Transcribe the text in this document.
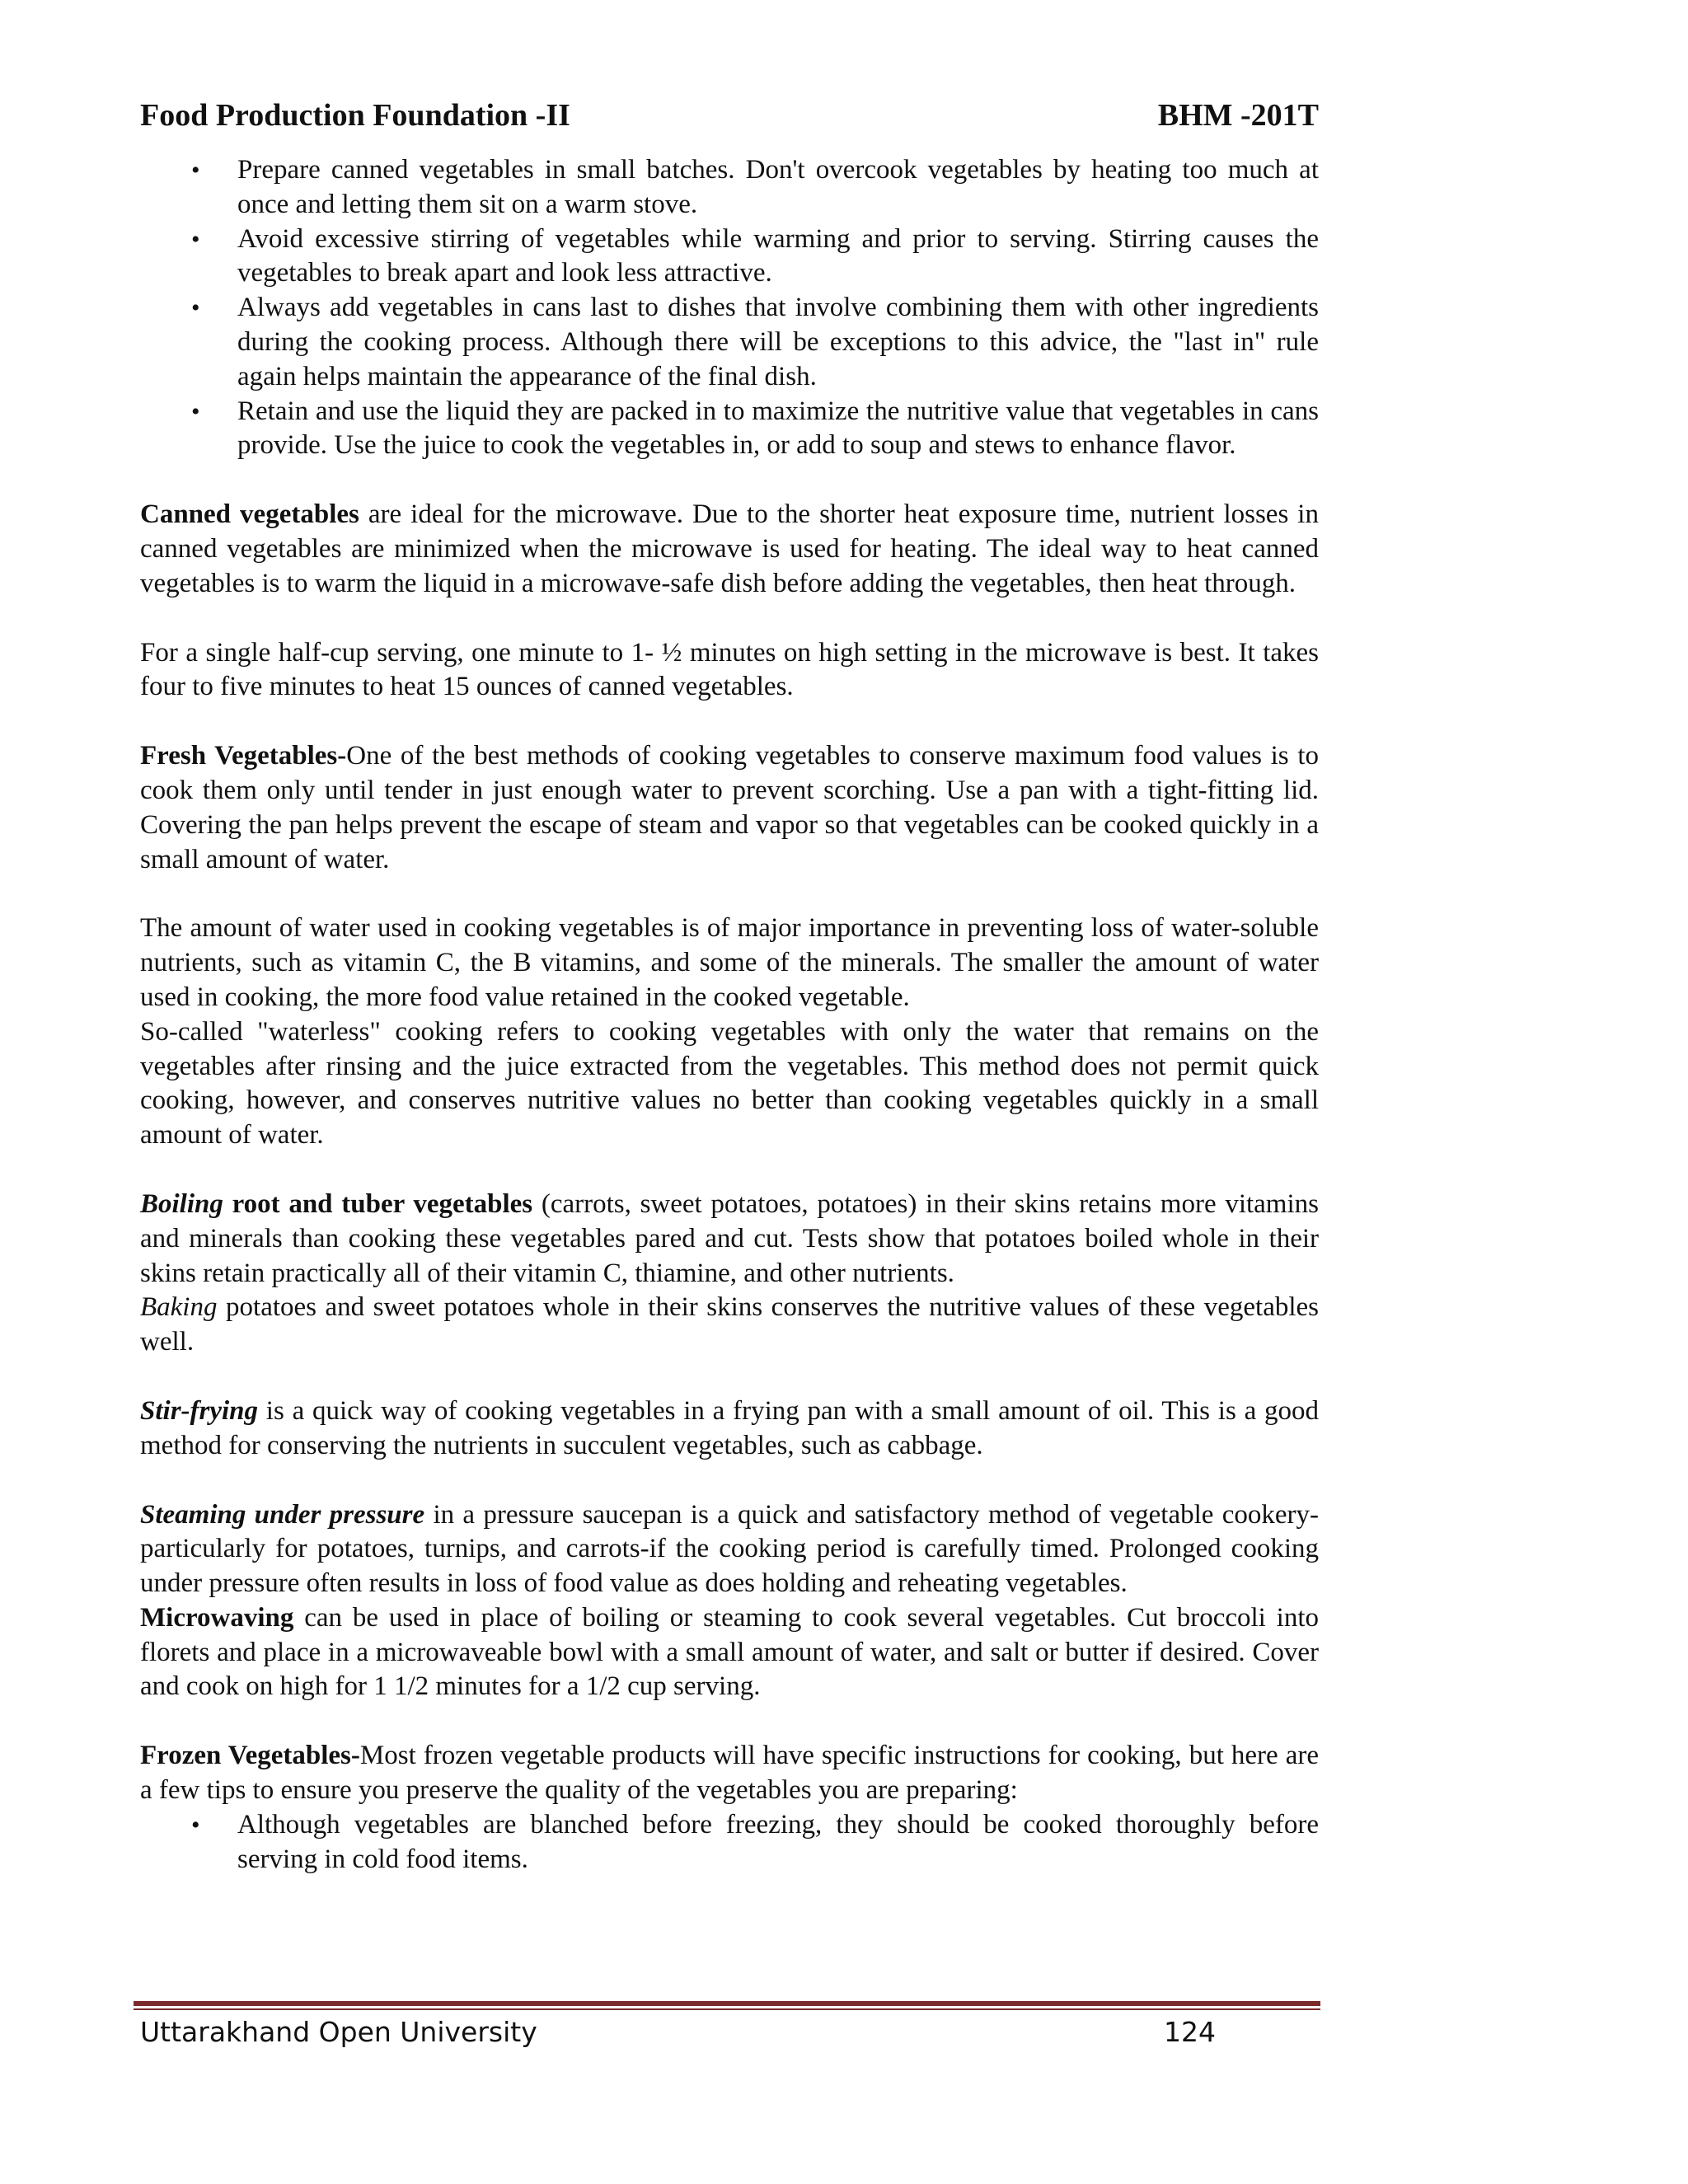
Food Production Foundation -II	BHM -201T
• Prepare canned vegetables in small batches. Don't overcook vegetables by heating too much at once and letting them sit on a warm stove.
• Avoid excessive stirring of vegetables while warming and prior to serving. Stirring causes the vegetables to break apart and look less attractive.
• Always add vegetables in cans last to dishes that involve combining them with other ingredients during the cooking process. Although there will be exceptions to this advice, the "last in" rule again helps maintain the appearance of the final dish.
• Retain and use the liquid they are packed in to maximize the nutritive value that vegetables in cans provide. Use the juice to cook the vegetables in, or add to soup and stews to enhance flavor.

Canned vegetables are ideal for the microwave. Due to the shorter heat exposure time, nutrient losses in canned vegetables are minimized when the microwave is used for heating. The ideal way to heat canned vegetables is to warm the liquid in a microwave-safe dish before adding the vegetables, then heat through.

For a single half-cup serving, one minute to 1- ½ minutes on high setting in the microwave is best. It takes four to five minutes to heat 15 ounces of canned vegetables.

Fresh Vegetables-One of the best methods of cooking vegetables to conserve maximum food values is to cook them only until tender in just enough water to prevent scorching. Use a pan with a tight-fitting lid. Covering the pan helps prevent the escape of steam and vapor so that vegetables can be cooked quickly in a small amount of water.

The amount of water used in cooking vegetables is of major importance in preventing loss of water-soluble nutrients, such as vitamin C, the B vitamins, and some of the minerals. The smaller the amount of water used in cooking, the more food value retained in the cooked vegetable.

So-called "waterless" cooking refers to cooking vegetables with only the water that remains on the vegetables after rinsing and the juice extracted from the vegetables. This method does not permit quick cooking, however, and conserves nutritive values no better than cooking vegetables quickly in a small amount of water.

Boiling root and tuber vegetables (carrots, sweet potatoes, potatoes) in their skins retains more vitamins and minerals than cooking these vegetables pared and cut. Tests show that potatoes boiled whole in their skins retain practically all of their vitamin C, thiamine, and other nutrients.

Baking potatoes and sweet potatoes whole in their skins conserves the nutritive values of these vegetables well.

Stir-frying is a quick way of cooking vegetables in a frying pan with a small amount of oil. This is a good method for conserving the nutrients in succulent vegetables, such as cabbage.

Steaming under pressure in a pressure saucepan is a quick and satisfactory method of vegetable cookery-particularly for potatoes, turnips, and carrots-if the cooking period is carefully timed. Prolonged cooking under pressure often results in loss of food value as does holding and reheating vegetables.

Microwaving can be used in place of boiling or steaming to cook several vegetables. Cut broccoli into florets and place in a microwaveable bowl with a small amount of water, and salt or butter if desired. Cover and cook on high for 1 1/2 minutes for a 1/2 cup serving.

Frozen Vegetables-Most frozen vegetable products will have specific instructions for cooking, but here are a few tips to ensure you preserve the quality of the vegetables you are preparing:

• Although vegetables are blanched before freezing, they should be cooked thoroughly before serving in cold food items.
Uttarakhand Open University	124
